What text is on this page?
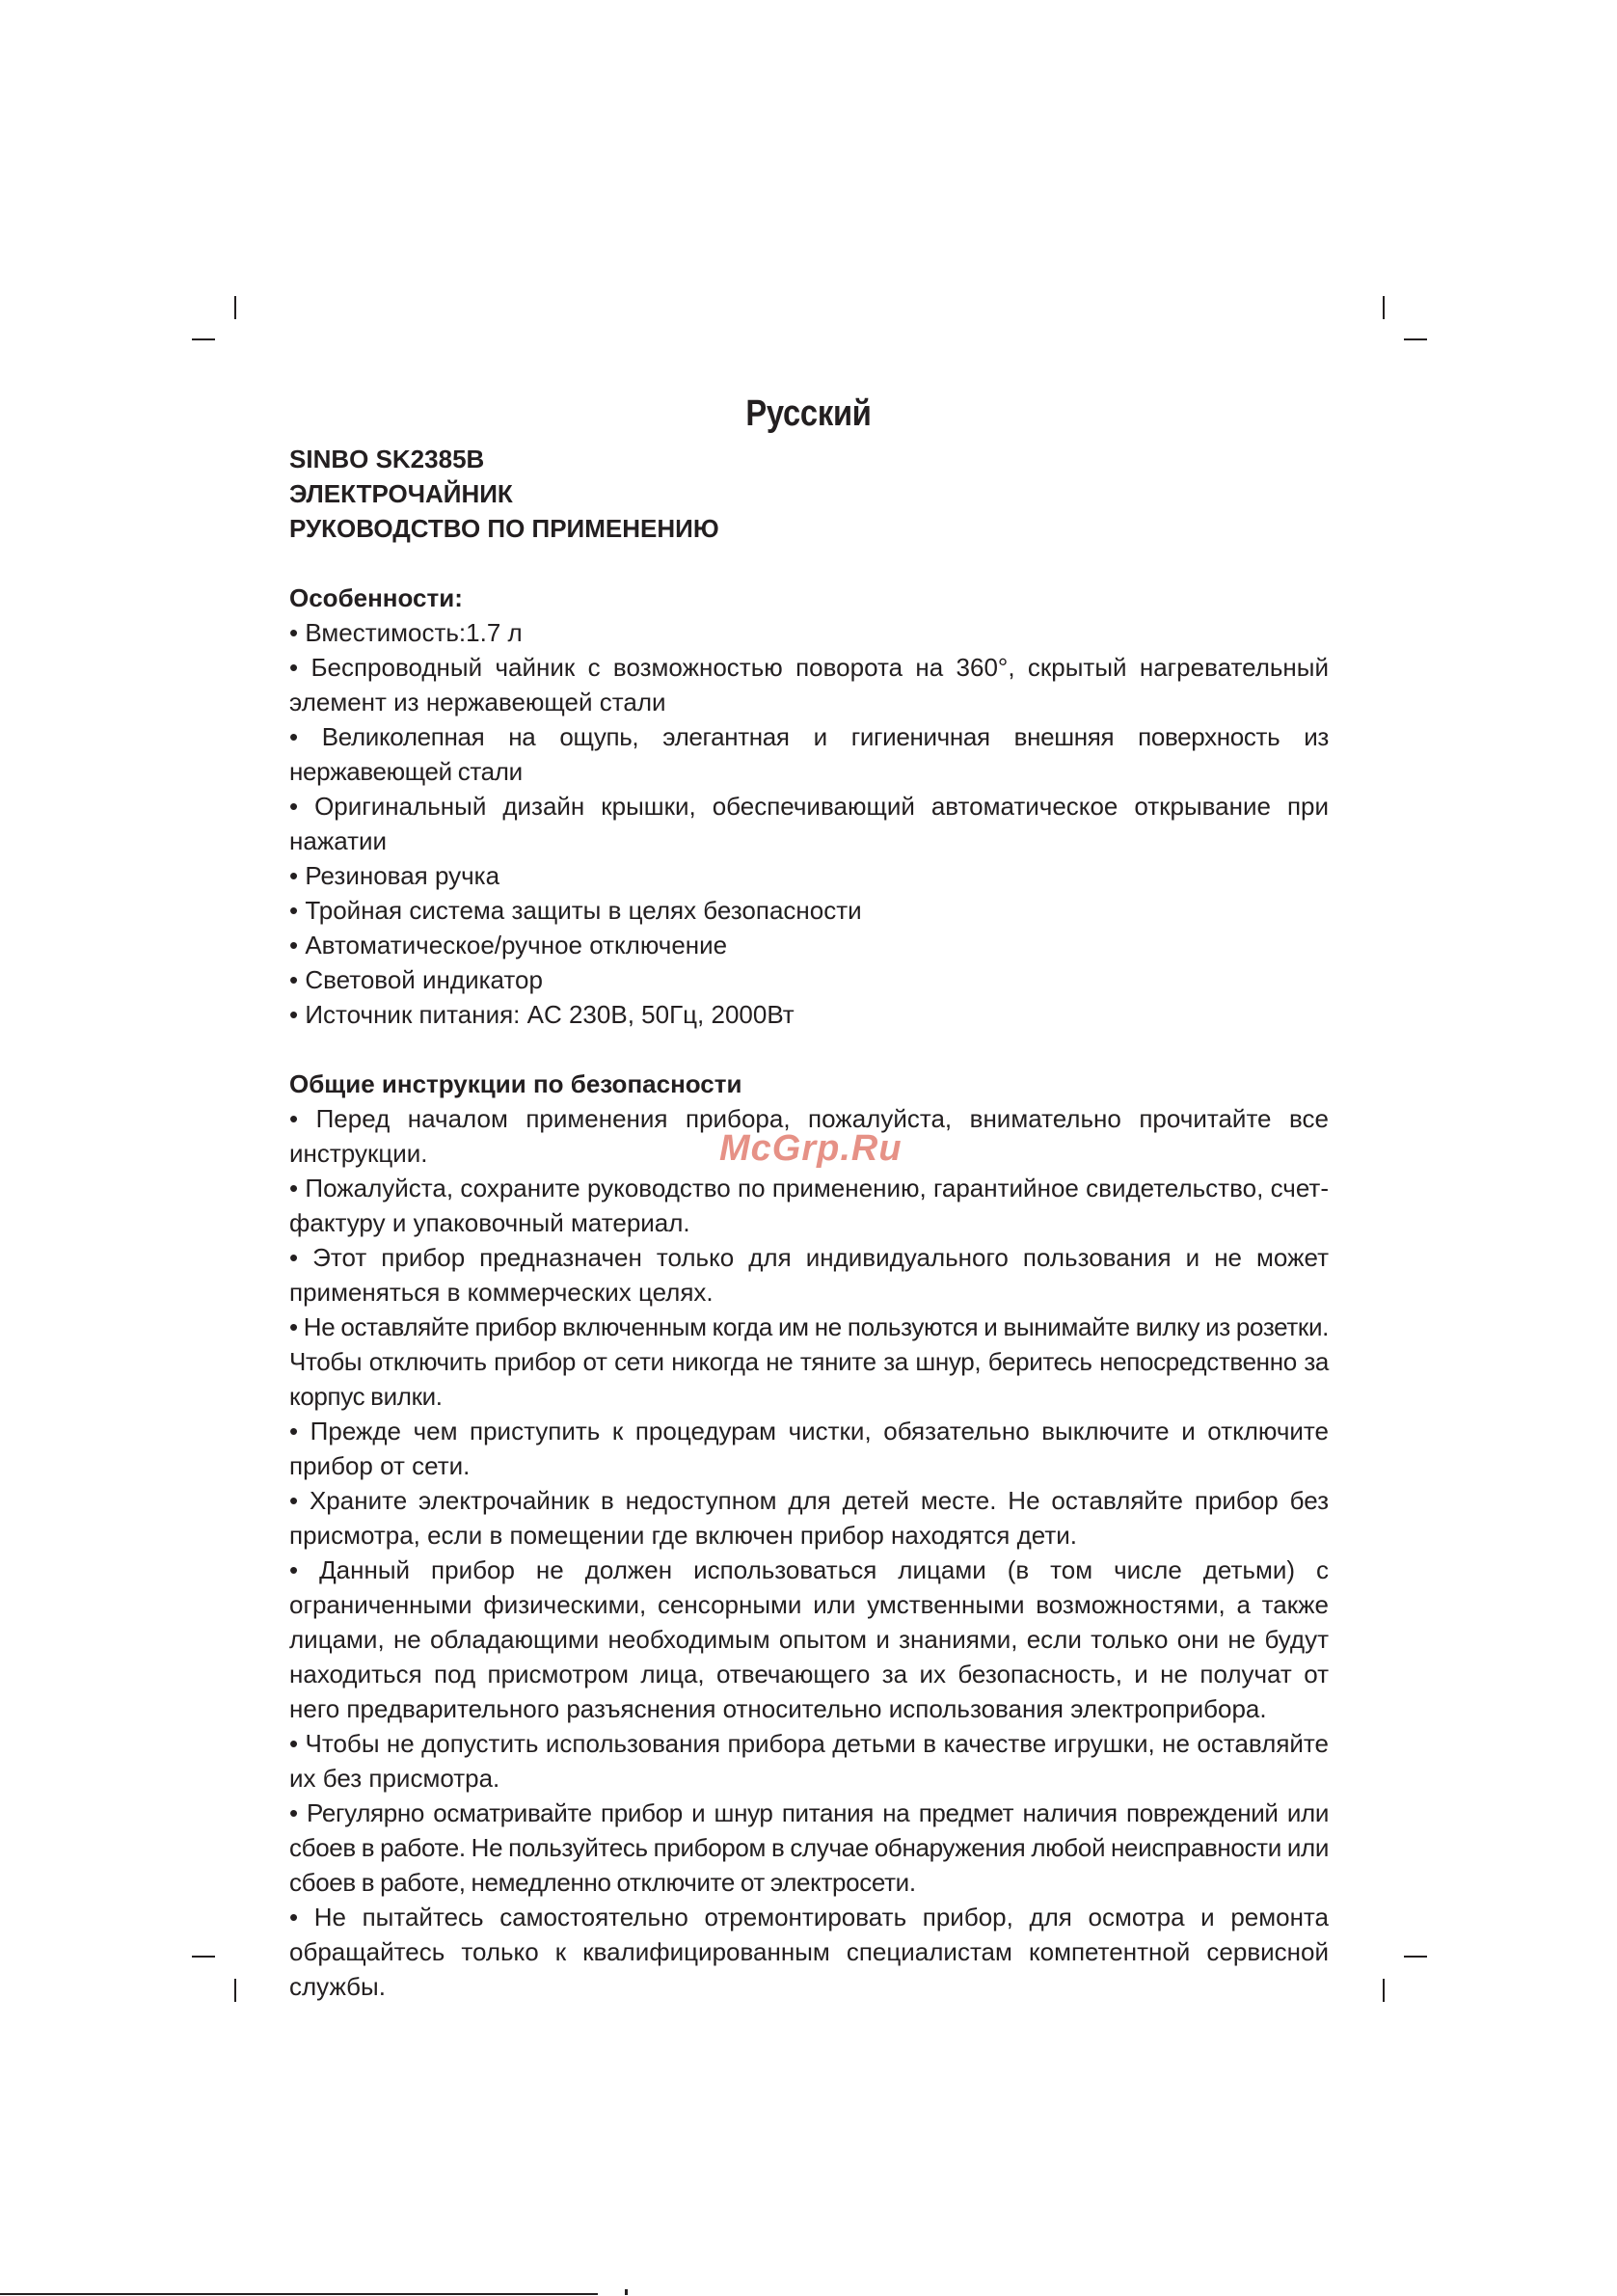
Русский

SINBO SK2385B

ЭЛЕКТРОЧАЙНИК

РУКОВОДСТВО ПО ПРИМЕНЕНИЮ

Особенности:

• Вместимость:1.7 л
• Беспроводный чайник с возможностью поворота на 360°, скрытый нагревательный элемент из нержавеющей стали
• Великолепная на ощупь, элегантная и гигиеничная внешняя поверхность из нержавеющей стали
• Оригинальный дизайн крышки, обеспечивающий автоматическое открывание при нажатии
• Резиновая ручка
• Тройная система защиты в целях безопасности
• Автоматическое/ручное отключение
• Световой индикатор
• Источник питания: AC 230В, 50Гц, 2000Вт

Общие инструкции по безопасности

• Перед началом применения прибора, пожалуйста, внимательно прочитайте все инструкции.
• Пожалуйста, сохраните руководство по применению, гарантийное свидетельство, счет-фактуру и упаковочный материал.
• Этот прибор предназначен только для индивидуального пользования и не может применяться в коммерческих целях.
• Не оставляйте прибор включенным когда им не пользуются и вынимайте вилку из розетки. Чтобы отключить прибор от сети никогда не тяните за шнур, беритесь непосредственно за корпус вилки.
• Прежде чем приступить к процедурам чистки, обязательно выключите и отключите прибор от сети.
• Храните электрочайник в недоступном для детей месте. Не оставляйте прибор без присмотра, если в помещении где включен прибор находятся дети.
• Данный прибор не должен использоваться лицами (в том числе детьми) с ограниченными физическими, сенсорными или умственными возможностями, а также лицами, не обладающими необходимым опытом и знаниями, если только они не будут находиться под присмотром лица, отвечающего за их безопасность, и не получат от него предварительного разъяснения относительно использования электроприбора.
• Чтобы не допустить использования прибора детьми в качестве игрушки, не оставляйте их без присмотра.
• Регулярно осматривайте прибор и шнур питания на предмет наличия повреждений или сбоев в работе. Не пользуйтесь прибором в случае обнаружения любой неисправности или сбоев в работе, немедленно отключите от электросети.
• Не пытайтесь самостоятельно отремонтировать прибор, для осмотра и ремонта обращайтесь только к квалифицированным специалистам компетентной сервисной службы.
McGrp.Ru
